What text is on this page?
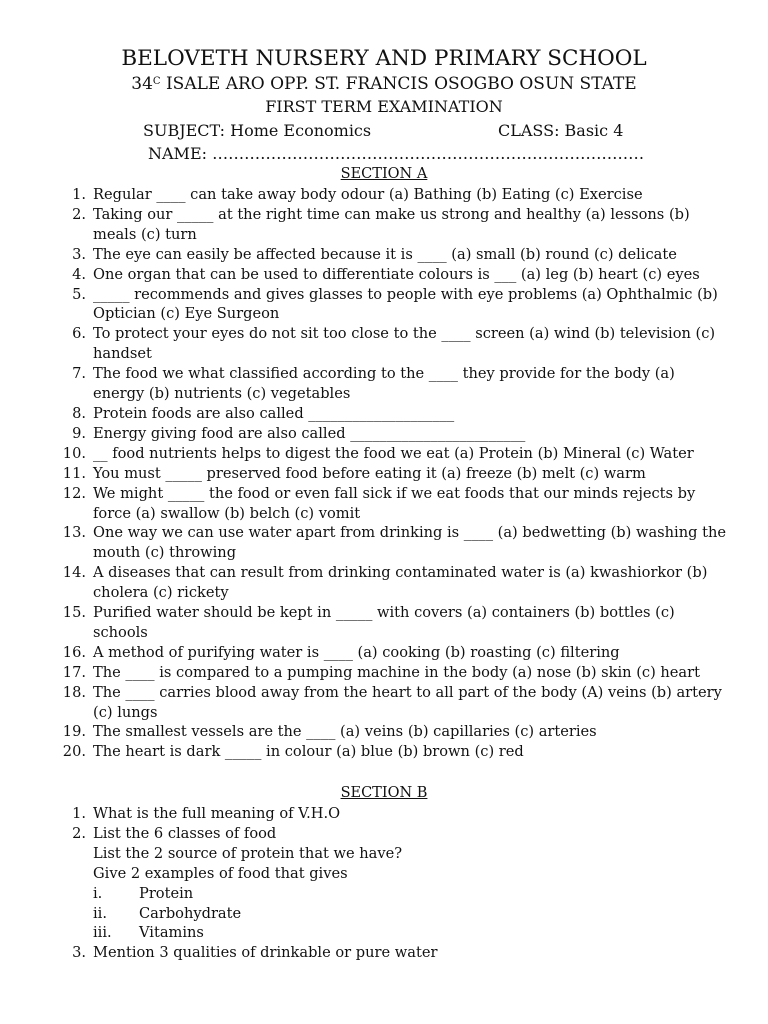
BELOVETH NURSERY AND PRIMARY SCHOOL
$34^C$ ISALE ARO OPP. ST. FRANCIS OSOGBO OSUN STATE
FIRST TERM EXAMINATION
SUBJECT: Home Economics	CLASS: Basic 4
NAME: ………………………………………………………………………
SECTION A
1. Regular ____ can take away body odour (a) Bathing (b) Eating (c) Exercise
2. Taking our _____ at the right time can make us strong and healthy (a) lessons (b) meals (c) turn
3. The eye can easily be affected because it is ____ (a) small (b) round (c) delicate
4. One organ that can be used to differentiate colours is ___ (a) leg (b) heart (c) eyes
5. _____ recommends and gives glasses to people with eye problems (a) Ophthalmic (b) Optician (c) Eye Surgeon
6. To protect your eyes do not sit too close to the ____ screen (a) wind (b) television (c) handset
7. The food we what classified according to the ____ they provide for the body (a) energy (b) nutrients (c) vegetables
8. Protein foods are also called ____________________
9. Energy giving food are also called ________________________
10. __ food nutrients helps to digest the food we eat (a) Protein (b) Mineral (c) Water
11. You must _____ preserved food before eating it (a) freeze (b) melt (c) warm
12. We might _____ the food or even fall sick if we eat foods that our minds rejects by force (a) swallow (b) belch (c) vomit
13. One way we can use water apart from drinking is ____ (a) bedwetting (b) washing the mouth (c) throwing
14. A diseases that can result from drinking contaminated water is (a) kwashiorkor (b) cholera (c) rickety
15. Purified water should be kept in _____ with covers (a) containers (b) bottles (c) schools
16. A method of purifying water is ____ (a) cooking (b) roasting (c) filtering
17. The ____ is compared to a pumping machine in the body (a) nose (b) skin (c) heart
18. The ____ carries blood away from the heart to all part of the body (A) veins (b) artery (c) lungs
19. The smallest vessels are the ____ (a) veins (b) capillaries (c) arteries
20. The heart is dark _____ in colour (a) blue (b) brown (c) red
SECTION B
1. What is the full meaning of V.H.O
2. List the 6 classes of food
List the 2 source of protein that we have?
Give 2 examples of food that gives
i.	Protein
ii. Carbohydrate
iii. Vitamins
3. Mention 3 qualities of drinkable or pure water
